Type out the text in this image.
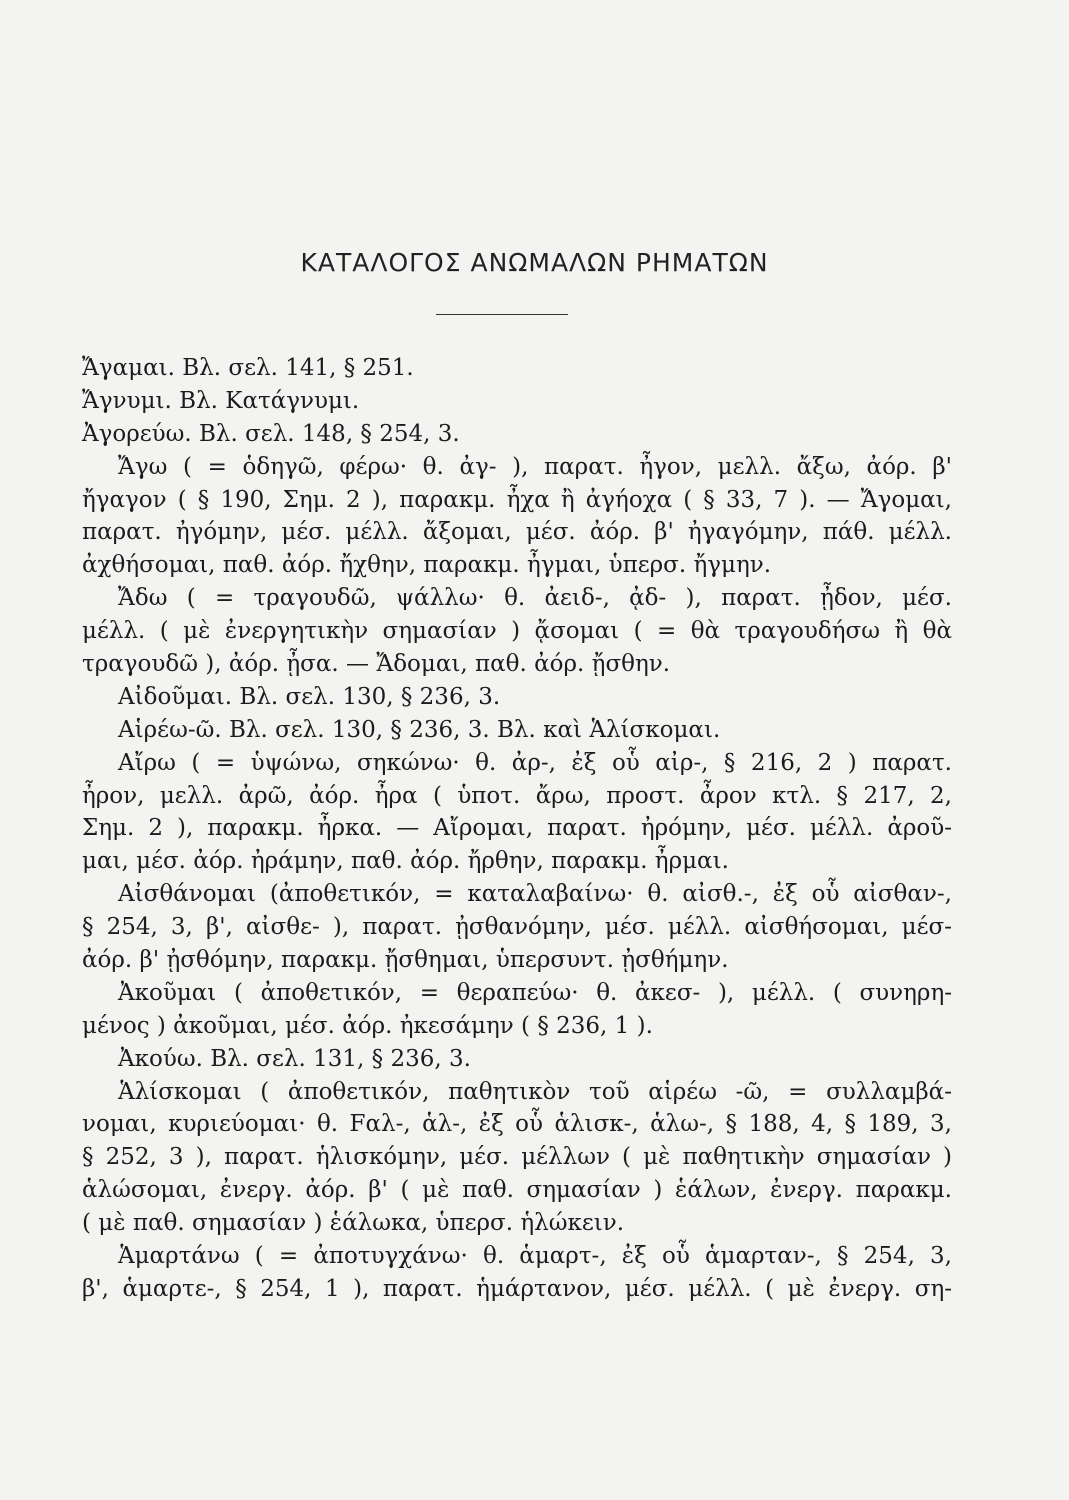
ΚΑΤΑΛΟΓΟΣ ΑΝΩΜΑΛΩΝ ΡΗΜΑΤΩΝ
Ἄγαμαι. Βλ. σελ. 141, § 251.
Ἄγνυμι. Βλ. Κατάγνυμι.
Ἀγορεύω. Βλ. σελ. 148, § 254, 3.
Ἄγω ( = ὁδηγῶ, φέρω· θ. ἀγ- ), παρατ. ἦγον, μελλ. ἄξω, ἀόρ. β'
ἤγαγον ( § 190, Σημ. 2 ), παρακμ. ἦχα ἢ ἀγήοχα ( § 33, 7 ). — Ἄγομαι,
παρατ. ἠγόμην, μέσ. μέλλ. ἄξομαι, μέσ. ἀόρ. β' ἠγαγόμην, πάθ. μέλλ.
ἀχθήσομαι, παθ. ἀόρ. ἤχθην, παρακμ. ἦγμαι, ὑπερσ. ἤγμην.
Ἄδω ( = τραγουδῶ, ψάλλω· θ. ἀειδ-, ᾀδ- ), παρατ. ᾖδον, μέσ.
μέλλ. ( μὲ ἐνεργητικὴν σημασίαν ) ᾄσομαι ( = θὰ τραγουδήσω ἢ θὰ
τραγουδῶ ), ἀόρ. ᾖσα. — Ἄδομαι, παθ. ἀόρ. ᾔσθην.
Αἰδοῦμαι. Βλ. σελ. 130, § 236, 3.
Αἱρέω-ῶ. Βλ. σελ. 130, § 236, 3. Βλ. καὶ Ἁλίσκομαι.
Αἴρω ( = ὑψώνω, σηκώνω· θ. ἀρ-, ἐξ οὗ αἰρ-, § 216, 2 ) παρατ.
ἦρον, μελλ. ἀρῶ, ἀόρ. ἦρα ( ὑποτ. ἄρω, προστ. ἆρον κτλ. § 217, 2,
Σημ. 2 ), παρακμ. ἦρκα. — Αἴρομαι, παρατ. ἠρόμην, μέσ. μέλλ. ἀροῦ-
μαι, μέσ. ἀόρ. ἠράμην, παθ. ἀόρ. ἤρθην, παρακμ. ἦρμαι.
Αἰσθάνομαι (ἀποθετικόν, = καταλαβαίνω· θ. αἰσθ.-, ἐξ οὗ αἰσθαν-,
§ 254, 3, β', αἰσθε- ), παρατ. ᾐσθανόμην, μέσ. μέλλ. αἰσθήσομαι, μέσ-
ἀόρ. β' ᾐσθόμην, παρακμ. ᾔσθημαι, ὑπερσυντ. ᾐσθήμην.
Ἀκοῦμαι ( ἀποθετικόν, = θεραπεύω· θ. ἀκεσ- ), μέλλ. ( συνηρη-
μένος ) ἀκοῦμαι, μέσ. ἀόρ. ἠκεσάμην ( § 236, 1 ).
Ἀκούω. Βλ. σελ. 131, § 236, 3.
Ἁλίσκομαι ( ἀποθετικόν, παθητικὸν τοῦ αἱρέω -ῶ, = συλλαμβά-
νομαι, κυριεύομαι· θ. Fαλ-, ἁλ-, ἐξ οὗ ἁλισκ-, ἁλω-, § 188, 4, § 189, 3,
§ 252, 3 ), παρατ. ἡλισκόμην, μέσ. μέλλων ( μὲ παθητικὴν σημασίαν )
ἁλώσομαι, ἐνεργ. ἀόρ. β' ( μὲ παθ. σημασίαν ) ἑάλων, ἐνεργ. παρακμ.
( μὲ παθ. σημασίαν ) ἑάλωκα, ὑπερσ. ἡλώκειν.
Ἁμαρτάνω ( = ἀποτυγχάνω· θ. ἁμαρτ-, ἐξ οὗ ἁμαρταν-, § 254, 3,
β', ἁμαρτε-, § 254, 1 ), παρατ. ἡμάρτανον, μέσ. μέλλ. ( μὲ ἐνεργ. ση-
